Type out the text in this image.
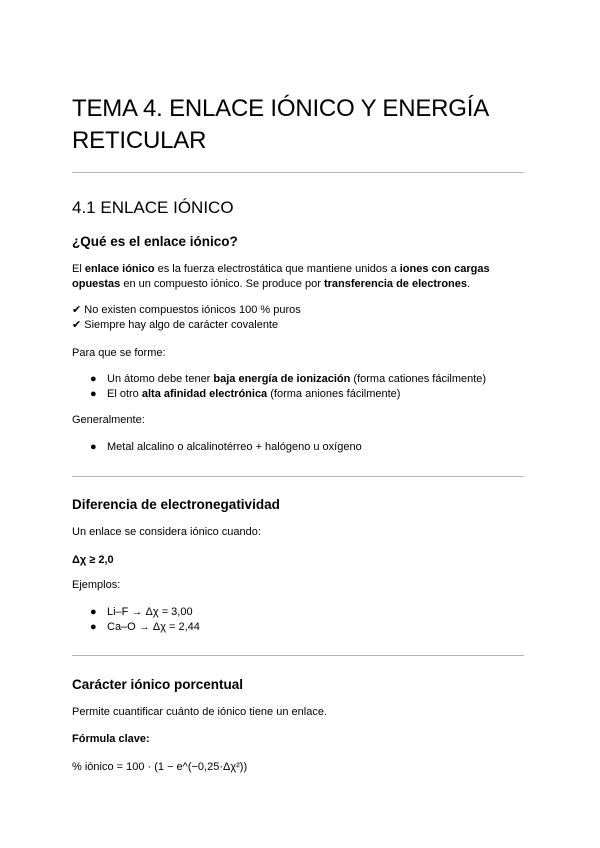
TEMA 4. ENLACE IÓNICO Y ENERGÍA RETICULAR
4.1 ENLACE IÓNICO
¿Qué es el enlace iónico?

El enlace iónico es la fuerza electrostática que mantiene unidos a iones con cargas opuestas en un compuesto iónico. Se produce por transferencia de electrones.

✔ No existen compuestos iónicos 100 % puros

✔ Siempre hay algo de carácter covalente

Para que se forme:

● Un átomo debe tener baja energía de ionización (forma cationes fácilmente)
● El otro alta afinidad electrónica (forma aniones fácilmente)

Generalmente:

● Metal alcalino o alcalinotérreo + halógeno u oxígeno
Diferencia de electronegatividad

Un enlace se considera iónico cuando:

Δχ ≥ 2,0

Ejemplos:

● Li–F → Δχ = 3,00
● Ca–O → Δχ = 2,44
Carácter iónico porcentual

Permite cuantificar cuánto de iónico tiene un enlace.

Fórmula clave:

% iónico = 100 · (1 − e^(−0,25·Δχ²))
